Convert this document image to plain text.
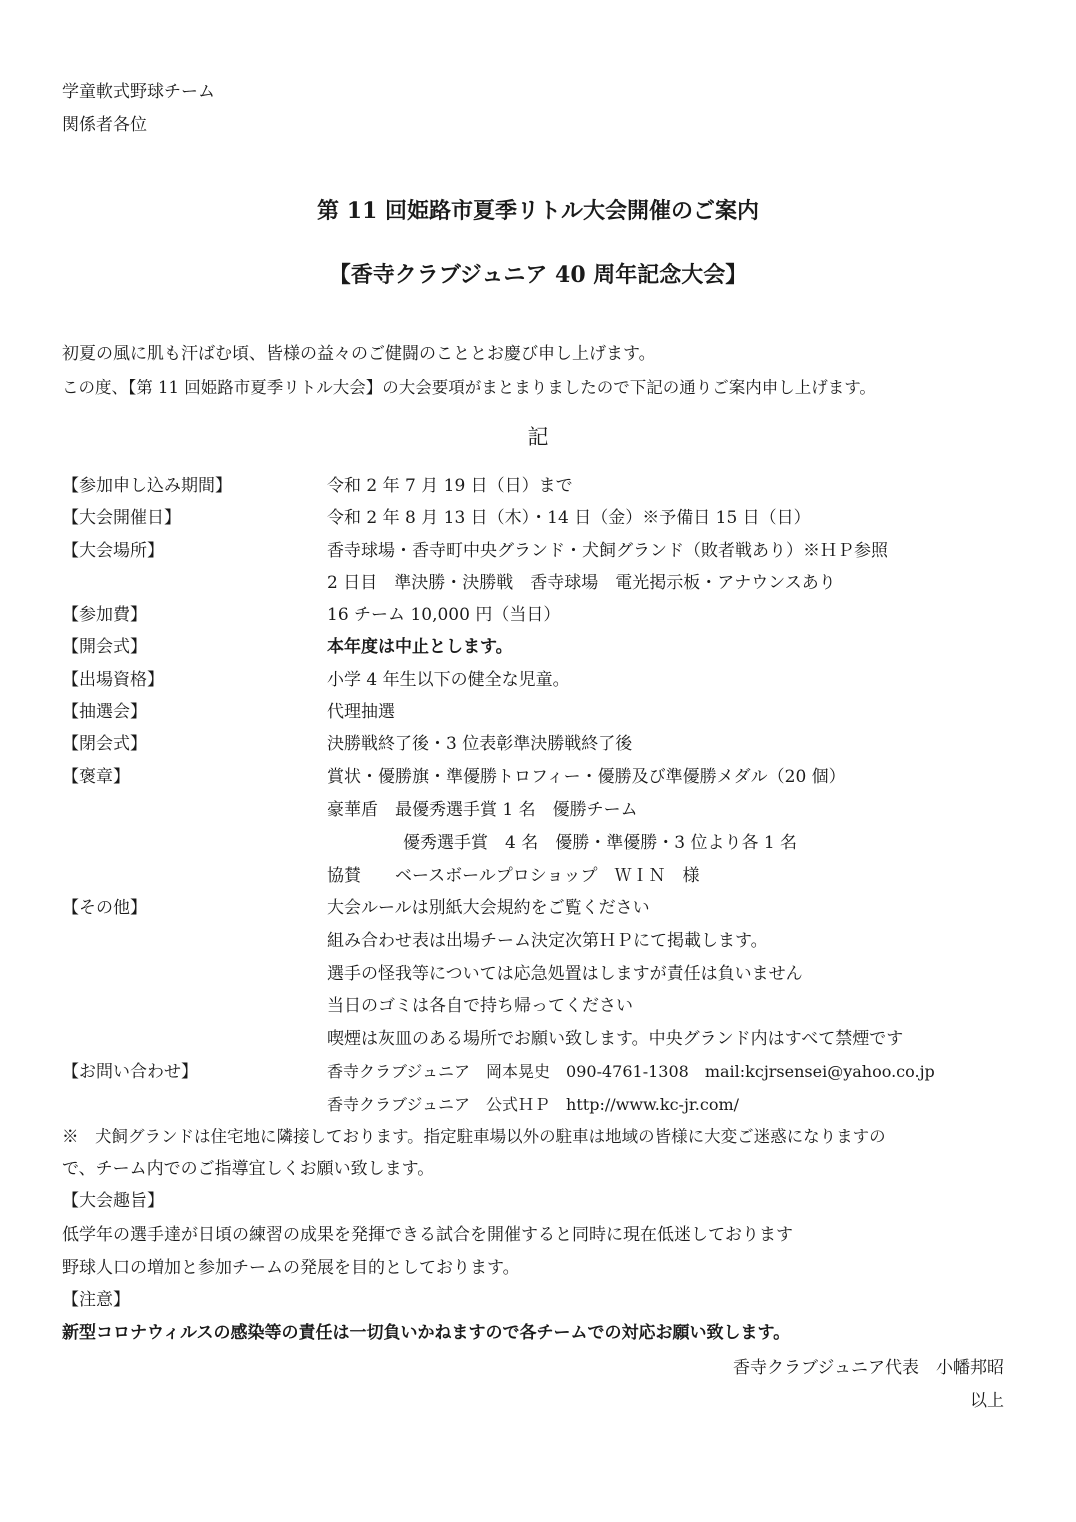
学童軟式野球チーム
関係者各位
第 11 回姫路市夏季リトル大会開催のご案内
【香寺クラブジュニア 40 周年記念大会】
初夏の風に肌も汗ばむ頃、皆様の益々のご健闘のこととお慶び申し上げます。
この度、【第 11 回姫路市夏季リトル大会】の大会要項がまとまりましたので下記の通りご案内申し上げます。
記
【参加申し込み期間】	令和 2 年 7 月 19 日（日）まで
【大会開催日】	令和 2 年 8 月 13 日（木）・14 日（金）※予備日 15 日（日）
【大会場所】	香寺球場・香寺町中央グランド・犬飼グランド（敗者戦あり）※ＨＰ参照
2 日目　準決勝・決勝戦　香寺球場　電光掲示板・アナウンスあり
【参加費】	16 チーム 10,000 円（当日）
【開会式】	本年度は中止とします。
【出場資格】	小学 4 年生以下の健全な児童。
【抽選会】	代理抽選
【閉会式】	決勝戦終了後・3 位表彰準決勝戦終了後
【褒章】	賞状・優勝旗・準優勝トロフィー・優勝及び準優勝メダル（20 個）
豪華盾　最優秀選手賞 1 名　優勝チーム
優秀選手賞　4 名　優勝・準優勝・3 位より各 1 名
協賛　　ベースボールプロショップ　ＷＩＮ　様
【その他】	大会ルールは別紙大会規約をご覧ください
組み合わせ表は出場チーム決定次第ＨＰにて掲載します。
選手の怪我等については応急処置はしますが責任は負いません
当日のゴミは各自で持ち帰ってください
喫煙は灰皿のある場所でお願い致します。中央グランド内はすべて禁煙です
【お問い合わせ】	香寺クラブジュニア　岡本晃史　090-4761-1308　mail:kcjrsensei@yahoo.co.jp
香寺クラブジュニア　公式ＨＰ　http://www.kc-jr.com/
※　犬飼グランドは住宅地に隣接しております。指定駐車場以外の駐車は地域の皆様に大変ご迷惑になりますの
で、チーム内でのご指導宜しくお願い致します。
【大会趣旨】
低学年の選手達が日頃の練習の成果を発揮できる試合を開催すると同時に現在低迷しております
野球人口の増加と参加チームの発展を目的としております。
【注意】
新型コロナウィルスの感染等の責任は一切負いかねますので各チームでの対応お願い致します。
香寺クラブジュニア代表　小幡邦昭
以上
